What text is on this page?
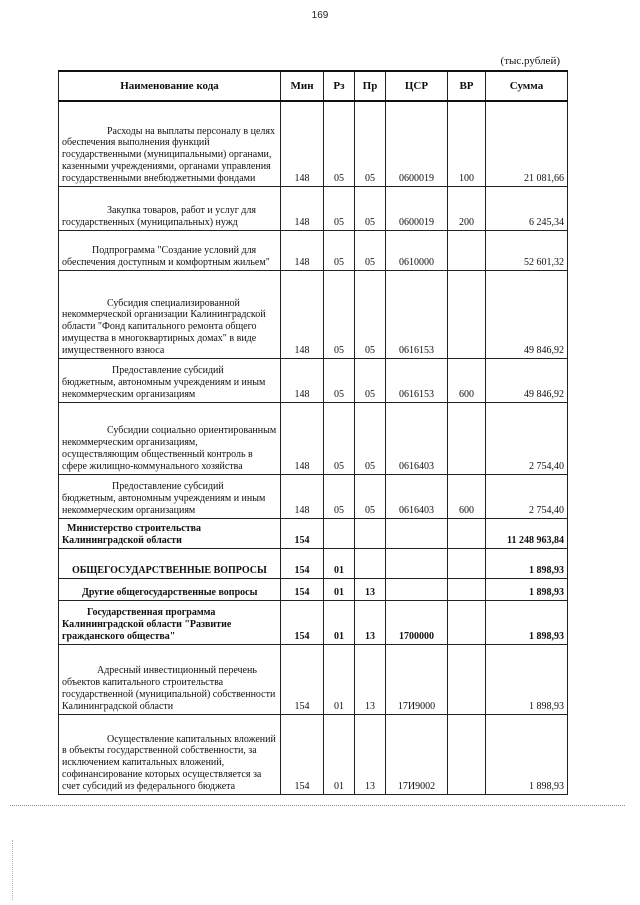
169
(тыс.рублей)
Наименование кода	Мин	Рз	Пр	ЦСР	ВР	Сумма
Расходы на выплаты персоналу в целях обеспечения выполнения функций государственными (муниципальными) органами, казенными учреждениями, органами управления государственными внебюджетными фондами	148	05	05	0600019	100	21 081,66
Закупка товаров, работ и услуг для государственных (муниципальных) нужд	148	05	05	0600019	200	6 245,34
Подпрограмма "Создание условий для обеспечения доступным и комфортным жильем"	148	05	05	0610000		52 601,32
Субсидия специализированной некоммерческой организации Калининградской области "Фонд капитального ремонта общего имущества в многоквартирных домах" в виде имущественного взноса	148	05	05	0616153		49 846,92
Предоставление субсидий бюджетным, автономным учреждениям и иным некоммерческим организациям	148	05	05	0616153	600	49 846,92
Субсидии социально ориентированным некоммерческим организациям, осуществляющим общественный контроль в сфере жилищно-коммунального хозяйства	148	05	05	0616403		2 754,40
Предоставление субсидий бюджетным, автономным учреждениям и иным некоммерческим организациям	148	05	05	0616403	600	2 754,40
Министерство строительства Калининградской области	154					11 248 963,84
ОБЩЕГОСУДАРСТВЕННЫЕ ВОПРОСЫ	154	01				1 898,93
Другие общегосударственные вопросы	154	01	13			1 898,93
Государственная программа Калининградской области "Развитие гражданского общества"	154	01	13	1700000		1 898,93
Адресный инвестиционный перечень объектов капитального строительства государственной (муниципальной) собственности Калининградской области	154	01	13	17И9000		1 898,93
Осуществление капитальных вложений в объекты государственной собственности, за исключением капитальных вложений, софинансирование которых осуществляется за счет субсидий из федерального бюджета	154	01	13	17И9002		1 898,93
